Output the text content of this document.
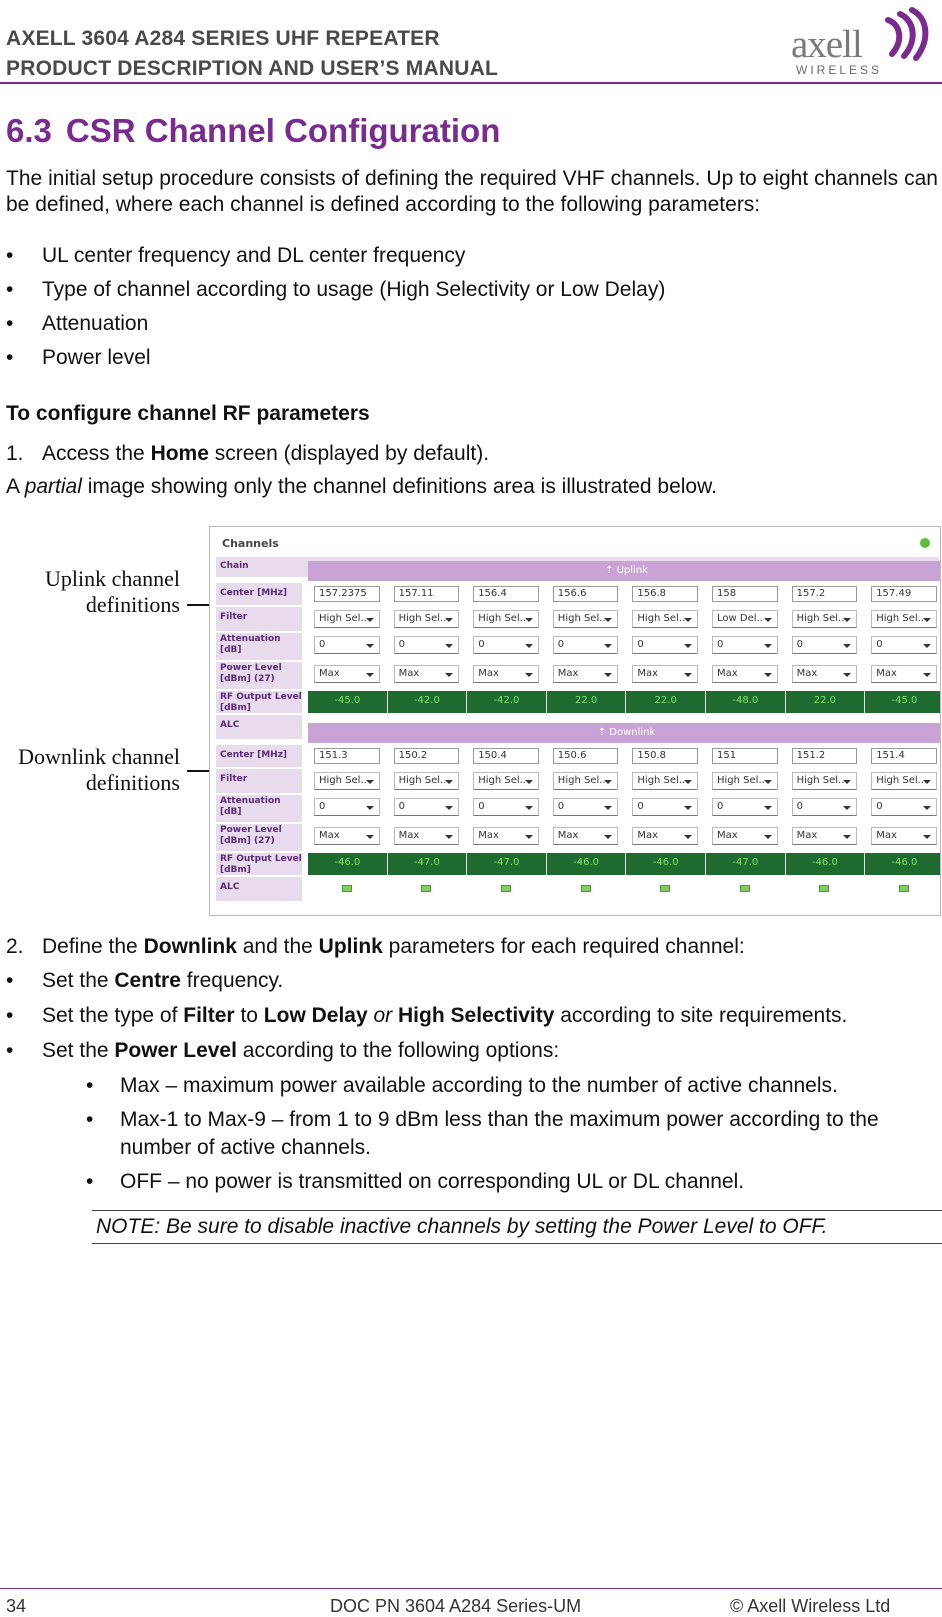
AXELL 3604 A284 SERIES UHF REPEATER
PRODUCT DESCRIPTION AND USER’S MANUAL
axell
WIRELESS
6.3 CSR Channel Configuration

The initial setup procedure consists of defining the required VHF channels. Up to eight channels can be defined, where each channel is defined according to the following parameters:

•	UL center frequency and DL center frequency
•	Type of channel according to usage (High Selectivity or Low Delay)
•	Attenuation
•	Power level
To configure channel RF parameters
1. Access the Home screen (displayed by default).
A partial image showing only the channel definitions area is illustrated below.
Uplink channel
definitions
Downlink channel
definitions
Channels
Chain	⇡ Uplink
Center [MHz]	157.2375	157.11	156.4	156.6	156.8	158	157.2	157.49
Filter	High Sel..	High Sel..	High Sel..	High Sel..	High Sel..	Low Del..	High Sel..	High Sel..
Attenuation
[dB]	0	0	0	0	0	0	0	0
Power Level
[dBm] (27)	Max	Max	Max	Max	Max	Max	Max	Max
RF Output Level
[dBm]
-45.0	-42.0	-42.0	22.0	22.0	-48.0	22.0	-45.0
ALC
⇡ Downlink
Center [MHz]	151.3	150.2	150.4	150.6	150.8	151	151.2	151.4
Filter	High Sel..	High Sel..	High Sel..	High Sel..	High Sel..	High Sel..	High Sel..	High Sel..
Attenuation
[dB]	0	0	0	0	0	0	0	0
Power Level
[dBm] (27)	Max	Max	Max	Max	Max	Max	Max	Max
RF Output Level
[dBm]
-46.0	-47.0	-47.0	-46.0	-46.0	-47.0	-46.0	-46.0
ALC
2. Define the Downlink and the Uplink parameters for each required channel:
•	Set the Centre frequency.
•	Set the type of Filter to Low Delay or High Selectivity according to site requirements.
•	Set the Power Level according to the following options:
• Max – maximum power available according to the number of active channels.
• Max-1 to Max-9 – from 1 to 9 dBm less than the maximum power according to the number of active channels.
• OFF – no power is transmitted on corresponding UL or DL channel.
NOTE: Be sure to disable inactive channels by setting the Power Level to OFF.
34	DOC PN 3604 A284 Series-UM	© Axell Wireless Ltd
